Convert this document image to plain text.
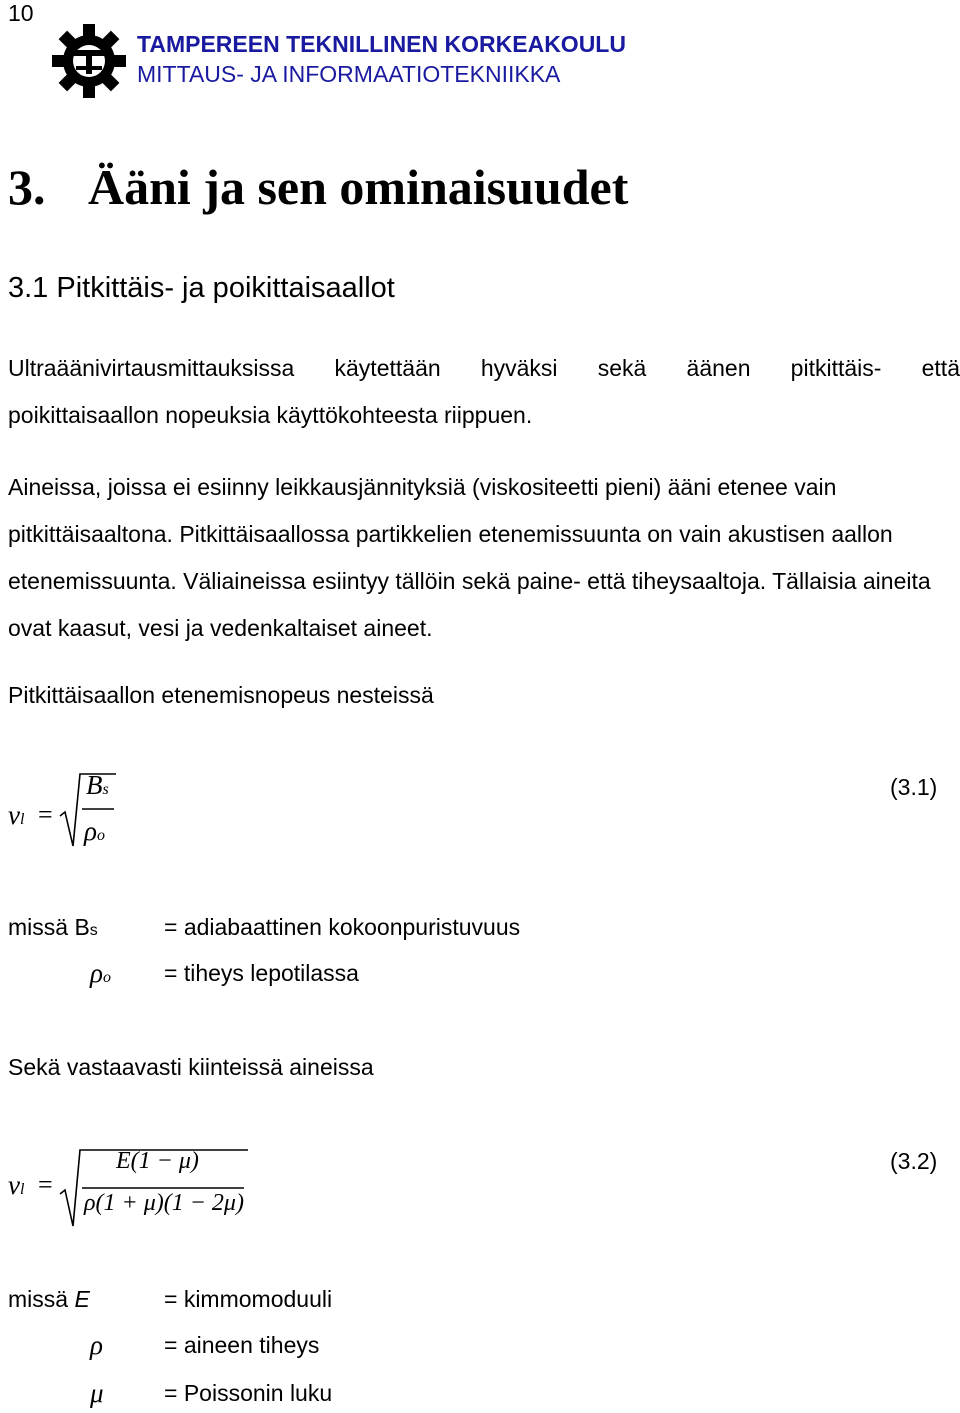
10
TAMPEREEN TEKNILLINEN KORKEAKOULU
MITTAUS- JA INFORMAATIOTEKNIIKKA
3. Ääni ja sen ominaisuudet
3.1 Pitkittäis- ja poikittaisaallot
Ultraäänivirtausmittauksissa käytettään hyväksi sekä äänen pitkittäis- että
poikittaisaallon nopeuksia käyttökohteesta riippuen.
Aineissa, joissa ei esiinny leikkausjännityksiä (viskositeetti pieni) ääni etenee vain pitkittäisaaltona. Pitkittäisaallossa partikkelien etenemissuunta on vain akustisen aallon etenemissuunta. Väliaineissa esiintyy tällöin sekä paine- että tiheysaaltoja. Tällaisia aineita ovat kaasut, vesi ja vedenkaltaiset aineet.
Pitkittäisaallon etenemisnopeus nesteissä
vl =
Bs
ρo
(3.1)
missä Bs	= adiabaattinen kokoonpuristuvuus
ρo = tiheys lepotilassa
Sekä vastaavasti kiinteissä aineissa
vl =
E(1 − μ)
ρ(1 + μ)(1 − 2μ)
(3.2)
missä E	= kimmomoduuli
ρ	= aineen tiheys
μ	= Poissonin luku
